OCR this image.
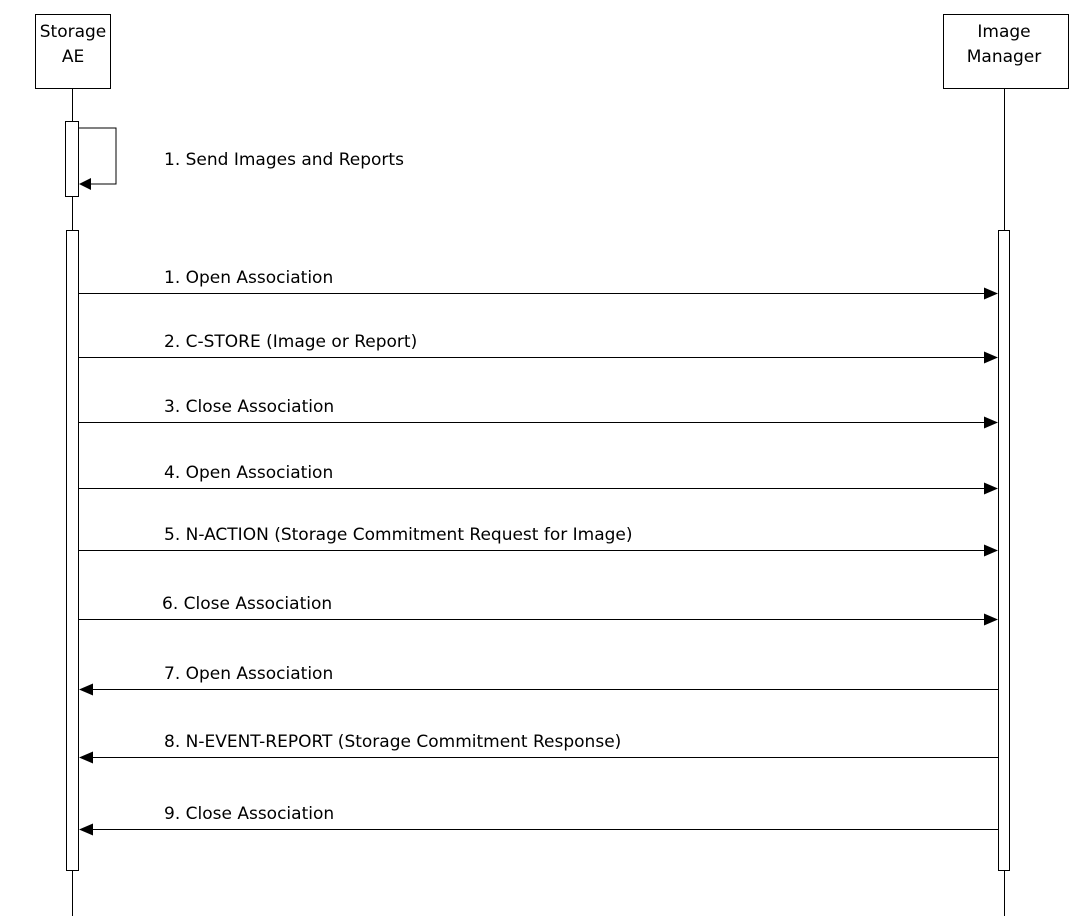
Storage
AE
Image
Manager
1. Send Images and Reports
1. Open Association
2. C-STORE (Image or Report)
3. Close Association
4. Open Association
5. N-ACTION (Storage Commitment Request for Image)
6. Close Association
7. Open Association
8. N-EVENT-REPORT (Storage Commitment Response)
9. Close Association
